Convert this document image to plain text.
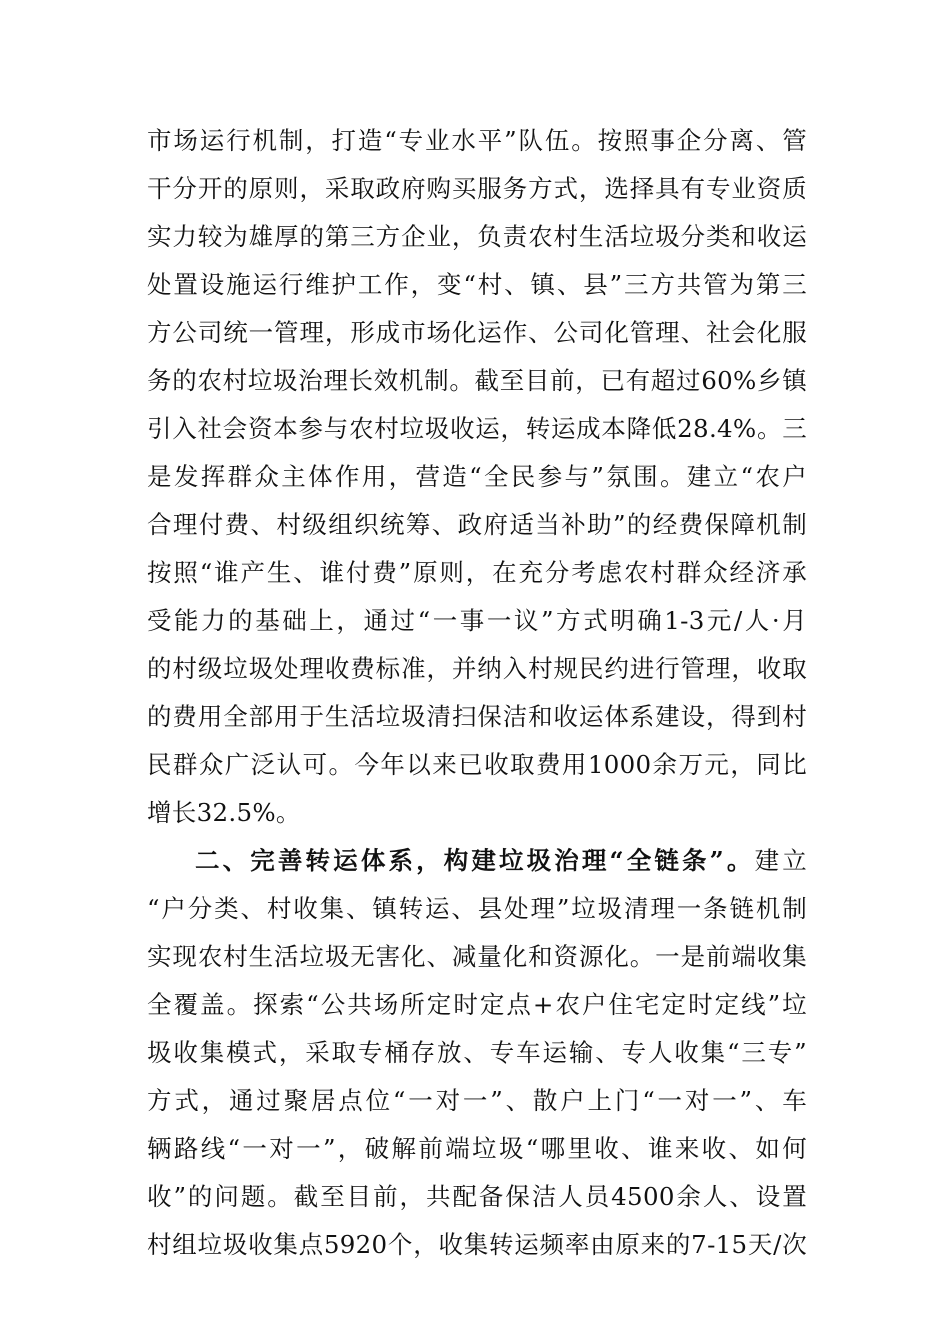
市场运行机制，打造“专业水平”队伍。按照事企分离、管
干分开的原则，采取政府购买服务方式，选择具有专业资质
实力较为雄厚的第三方企业，负责农村生活垃圾分类和收运
处置设施运行维护工作，变“村、镇、县”三方共管为第三
方公司统一管理，形成市场化运作、公司化管理、社会化服
务的农村垃圾治理长效机制。截至目前，已有超过60%乡镇
引入社会资本参与农村垃圾收运，转运成本降低28.4%。三
是发挥群众主体作用，营造“全民参与”氛围。建立“农户
合理付费、村级组织统筹、政府适当补助”的经费保障机制
按照“谁产生、谁付费”原则，在充分考虑农村群众经济承
受能力的基础上，通过“一事一议”方式明确1-3元/人·月
的村级垃圾处理收费标准，并纳入村规民约进行管理，收取
的费用全部用于生活垃圾清扫保洁和收运体系建设，得到村
民群众广泛认可。今年以来已收取费用1000余万元，同比
增长32.5%。
二、完善转运体系，构建垃圾治理“全链条”。建立
“户分类、村收集、镇转运、县处理”垃圾清理一条链机制
实现农村生活垃圾无害化、减量化和资源化。一是前端收集
全覆盖。探索“公共场所定时定点+农户住宅定时定线”垃
圾收集模式，采取专桶存放、专车运输、专人收集“三专”
方式，通过聚居点位“一对一”、散户上门“一对一”、车
辆路线“一对一”，破解前端垃圾“哪里收、谁来收、如何
收”的问题。截至目前，共配备保洁人员4500余人、设置
村组垃圾收集点5920个，收集转运频率由原来的7-15天/次
